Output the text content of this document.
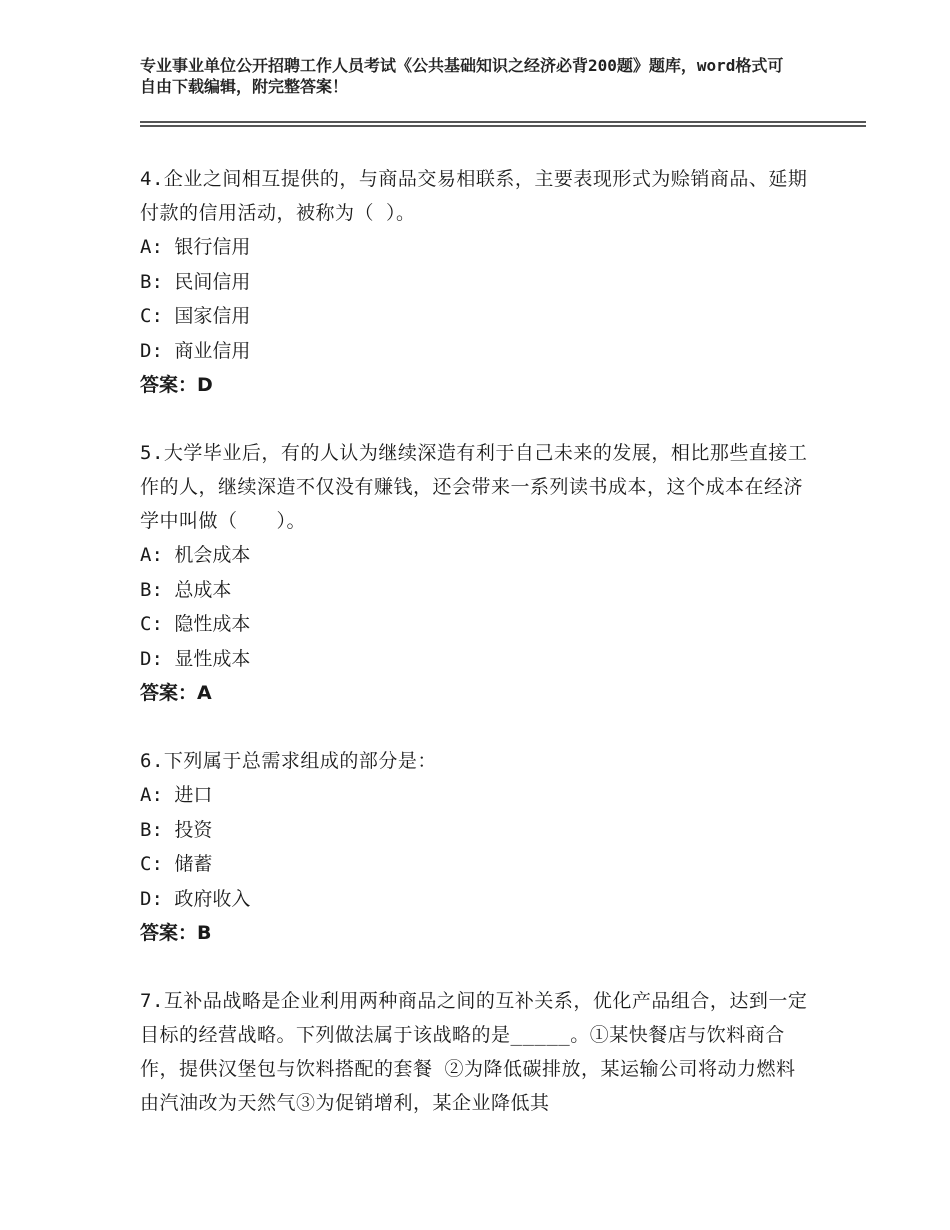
专业事业单位公开招聘工作人员考试《公共基础知识之经济必背200题》题库，word格式可自由下载编辑，附完整答案！

4.企业之间相互提供的，与商品交易相联系，主要表现形式为赊销商品、延期付款的信用活动，被称为（ ）。

A: 银行信用

B: 民间信用

C: 国家信用

D: 商业信用

答案：D

5.大学毕业后，有的人认为继续深造有利于自己未来的发展，相比那些直接工作的人，继续深造不仅没有赚钱，还会带来一系列读书成本，这个成本在经济学中叫做（　　）。

A: 机会成本

B: 总成本

C: 隐性成本

D: 显性成本

答案：A

6.下列属于总需求组成的部分是：

A: 进口

B: 投资

C: 储蓄

D: 政府收入

答案：B

7.互补品战略是企业利用两种商品之间的互补关系，优化产品组合，达到一定目标的经营战略。下列做法属于该战略的是_____。①某快餐店与饮料商合作，提供汉堡包与饮料搭配的套餐 ②为降低碳排放，某运输公司将动力燃料由汽油改为天然气③为促销增利，某企业降低其
